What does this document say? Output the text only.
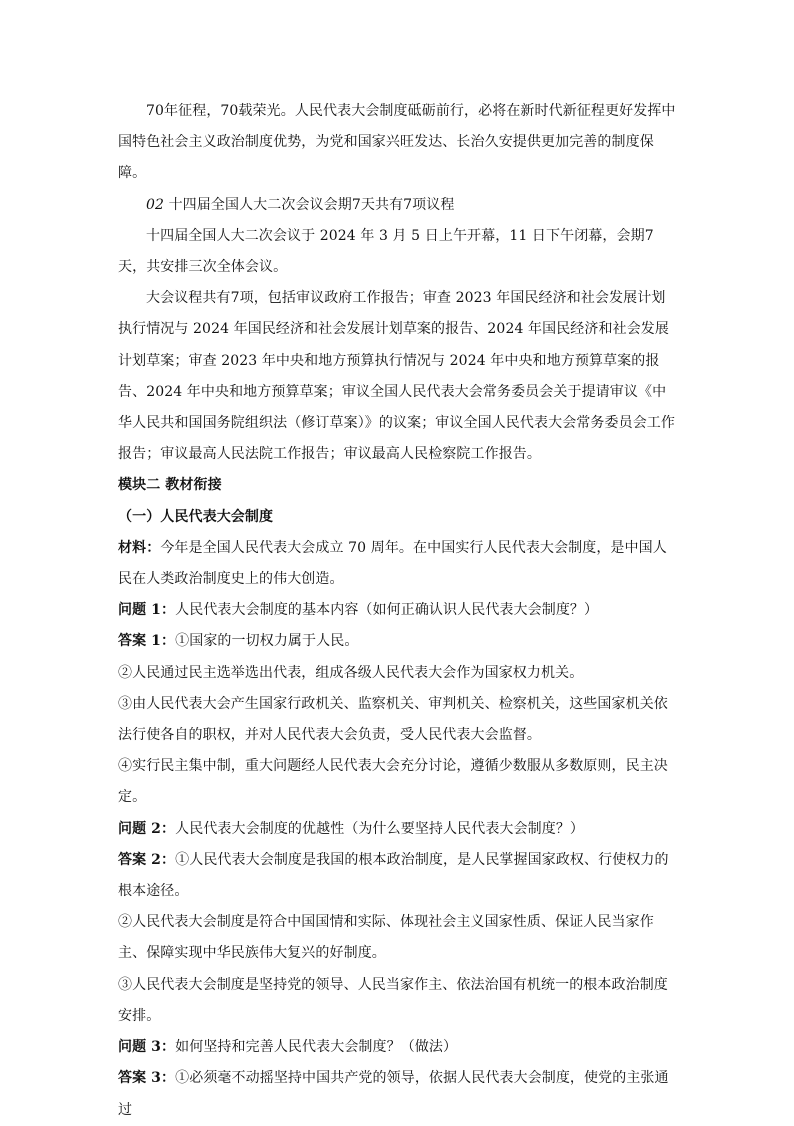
70年征程，70载荣光。人民代表大会制度砥砺前行，必将在新时代新征程更好发挥中国特色社会主义政治制度优势，为党和国家兴旺发达、长治久安提供更加完善的制度保障。

02 十四届全国人大二次会议会期7天共有7项议程

十四届全国人大二次会议于 2024 年 3 月 5 日上午开幕，11 日下午闭幕，会期7天，共安排三次全体会议。

大会议程共有7项，包括审议政府工作报告；审查 2023 年国民经济和社会发展计划执行情况与 2024 年国民经济和社会发展计划草案的报告、2024 年国民经济和社会发展计划草案；审查 2023 年中央和地方预算执行情况与 2024 年中央和地方预算草案的报告、2024 年中央和地方预算草案；审议全国人民代表大会常务委员会关于提请审议《中华人民共和国国务院组织法（修订草案）》的议案；审议全国人民代表大会常务委员会工作报告；审议最高人民法院工作报告；审议最高人民检察院工作报告。

模块二 教材衔接

（一）人民代表大会制度

材料：今年是全国人民代表大会成立 70 周年。在中国实行人民代表大会制度，是中国人民在人类政治制度史上的伟大创造。

问题 1：人民代表大会制度的基本内容（如何正确认识人民代表大会制度？）

答案 1：①国家的一切权力属于人民。

②人民通过民主选举选出代表，组成各级人民代表大会作为国家权力机关。

③由人民代表大会产生国家行政机关、监察机关、审判机关、检察机关，这些国家机关依法行使各自的职权，并对人民代表大会负责，受人民代表大会监督。

④实行民主集中制，重大问题经人民代表大会充分讨论，遵循少数服从多数原则，民主决定。

问题 2：人民代表大会制度的优越性（为什么要坚持人民代表大会制度？）

答案 2：①人民代表大会制度是我国的根本政治制度，是人民掌握国家政权、行使权力的根本途径。

②人民代表大会制度是符合中国国情和实际、体现社会主义国家性质、保证人民当家作主、保障实现中华民族伟大复兴的好制度。

③人民代表大会制度是坚持党的领导、人民当家作主、依法治国有机统一的根本政治制度安排。

问题 3：如何坚持和完善人民代表大会制度？（做法）

答案 3：①必须毫不动摇坚持中国共产党的领导，依据人民代表大会制度，使党的主张通过
